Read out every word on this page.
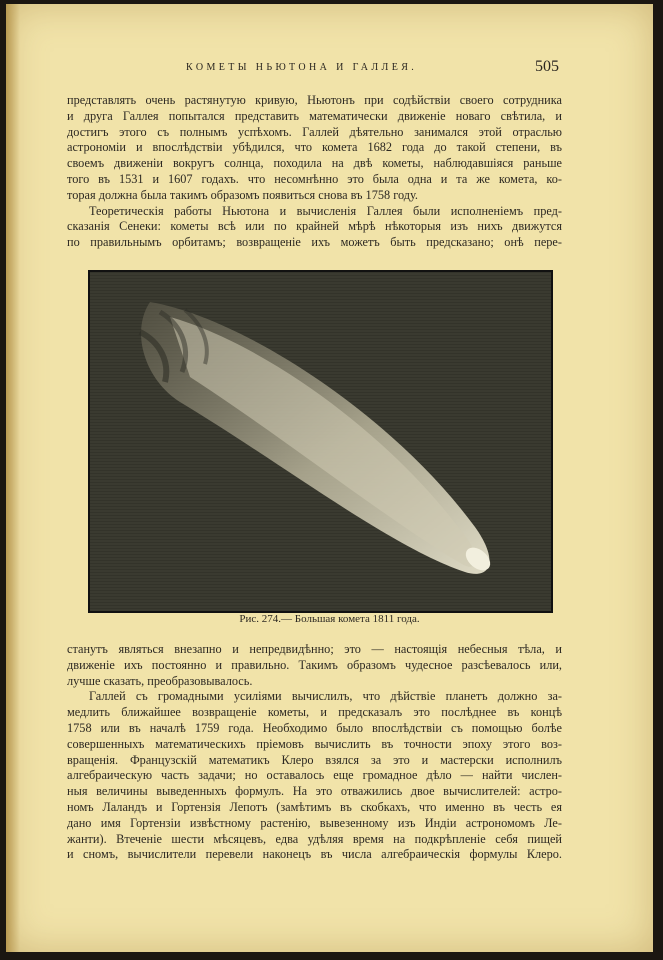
КОМЕТЫ НЬЮТОНА И ГАЛЛЕЯ.	505
представлять очень растянутую кривую, Ньютонъ при содѣйствіи своего сотрудника
и друга Галлея попытался представить математически движеніе новаго свѣтила, и
достигъ этого съ полнымъ успѣхомъ. Галлей дѣятельно занимался этой отраслью
астрономіи и впослѣдствіи убѣдился, что комета 1682 года до такой степени, въ
своемъ движеніи вокругъ солнца, походила на двѣ кометы, наблюдавшіяся раньше
того въ 1531 и 1607 годахъ. что несомнѣнно это была одна и та же комета, ко-
торая должна была такимъ образомъ появиться снова въ 1758 году.
Теоретическія работы Ньютона и вычисленія Галлея были исполненіемъ пред-
сказанія Сенеки: кометы всѣ или по крайней мѣрѣ нѣкоторыя изъ нихъ движутся
по правильнымъ орбитамъ; возвращеніе ихъ можетъ быть предсказано; онѣ пере-
Рис. 274.— Большая комета 1811 года.
станутъ являться внезапно и непредвидѣнно; это — настоящія небесныя тѣла, и
движеніе ихъ постоянно и правильно. Такимъ образомъ чудесное разсѣевалось или,
лучше сказать, преобразовывалось.
Галлей съ громадными усиліями вычислилъ, что дѣйствіе планетъ должно за-
медлить ближайшее возвращеніе кометы, и предсказалъ это послѣднее въ концѣ
1758 или въ началѣ 1759 года. Необходимо было впослѣдствіи съ помощью болѣе
совершенныхъ математическихъ пріемовъ вычислить въ точности эпоху этого воз-
вращенія. Французскій математикъ Клеро взялся за это и мастерски исполнилъ
алгебраическую часть задачи; но оставалось еще громадное дѣло — найти числен-
ныя величины выведенныхъ формулъ. На это отважились двое вычислителей: астро-
номъ Лаландъ и Гортензія Лепотъ (замѣтимъ въ скобкахъ, что именно въ честь ея
дано имя Гортензіи извѣстному растенію, вывезенному изъ Индіи астрономомъ Ле-
жанти). Втеченіе шести мѣсяцевъ, едва удѣляя время на подкрѣпленіе себя пищей
и сномъ, вычислители перевели наконецъ въ числа алгебраическія формулы Клеро.
